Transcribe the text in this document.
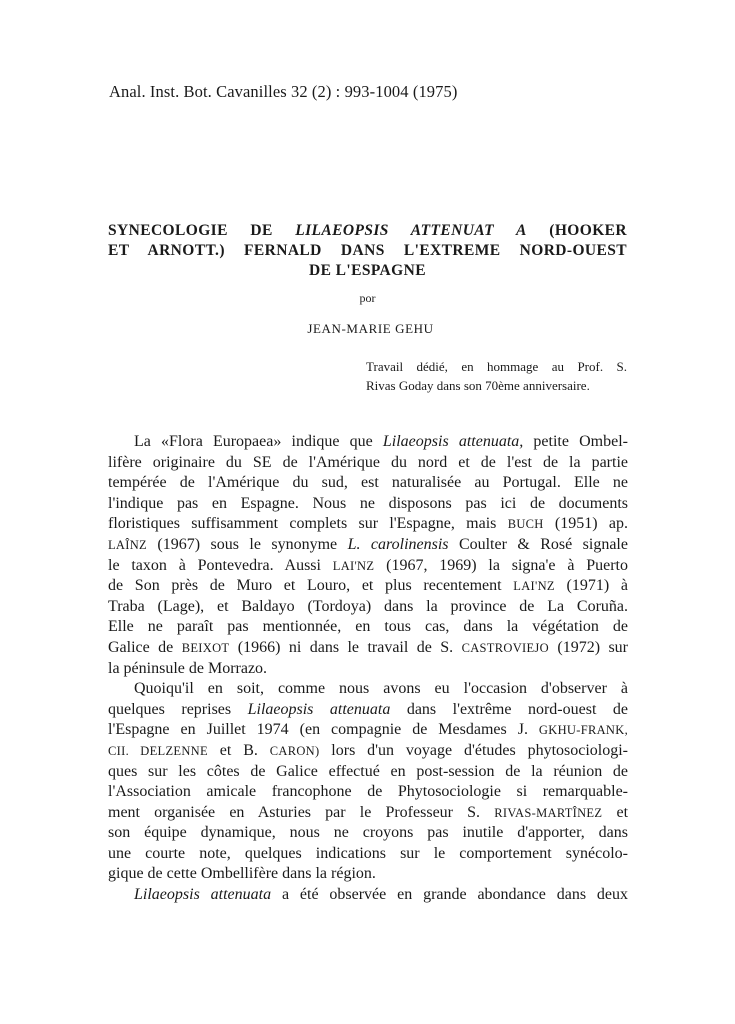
Anal. Inst. Bot. Cavanilles 32 (2) : 993-1004 (1975)
SYNECOLOGIE DE LILAEOPSIS ATTENUAT A (HOOKER
ET ARNOTT.) FERNALD DANS L'EXTREME NORD-OUEST
DE L'ESPAGNE
por
JEAN-MARIE GEHU
Travail dédié, en hommage au Prof. S.
Rivas Goday dans son 70ème anniversaire.
La «Flora Europaea» indique que Lilaeopsis attenuata, petite Ombel-
lifère originaire du SE de l'Amérique du nord et de l'est de la partie
tempérée de l'Amérique du sud, est naturalisée au Portugal. Elle ne
l'indique pas en Espagne. Nous ne disposons pas ici de documents
floristiques suffisamment complets sur l'Espagne, mais BUCH (1951) ap.
LAÎNZ (1967) sous le synonyme L. carolinensis Coulter & Rosé signale
le taxon à Pontevedra. Aussi LAI'NZ (1967, 1969) la signa'e à Puerto
de Son près de Muro et Louro, et plus recentement LAI'NZ (1971) à
Traba (Lage), et Baldayo (Tordoya) dans la province de La Coruña.
Elle ne paraît pas mentionnée, en tous cas, dans la végétation de
Galice de BEIXOT (1966) ni dans le travail de S. CASTROVIEJO (1972) sur
la péninsule de Morrazo.
Quoiqu'il en soit, comme nous avons eu l'occasion d'observer à
quelques reprises Lilaeopsis attenuata dans l'extrême nord-ouest de
l'Espagne en Juillet 1974 (en compagnie de Mesdames J. GKHU-FRANK,
CII. DELZENNE et B. CARON) lors d'un voyage d'études phytosociologi-
ques sur les côtes de Galice effectué en post-session de la réunion de
l'Association amicale francophone de Phytosociologie si remarquable-
ment organisée en Asturies par le Professeur S. RIVAS-MARTÎNEZ et
son équipe dynamique, nous ne croyons pas inutile d'apporter, dans
une courte note, quelques indications sur le comportement synécolo-
gique de cette Ombellifère dans la région.
Lilaeopsis attenuata a été observée en grande abondance dans deux
